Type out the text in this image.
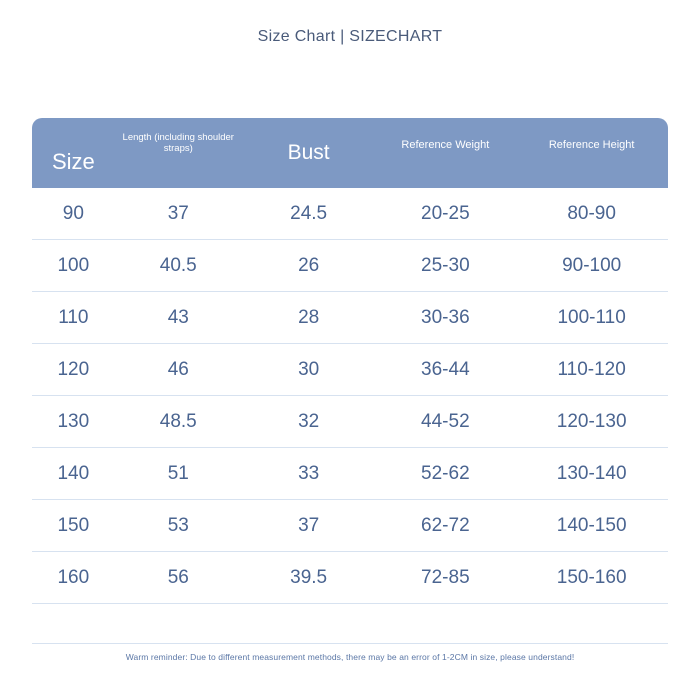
Size Chart | SIZECHART
Size	Length (including shoulder straps)	Bust	Reference Weight	Reference Height

90	37	24.5	20-25	80-90
100	40.5	26	25-30	90-100
110	43	28	30-36	100-110
120	46	30	36-44	110-120
130	48.5	32	44-52	120-130
140	51	33	52-62	130-140
150	53	37	62-72	140-150
160	56	39.5	72-85	150-160
Warm reminder: Due to different measurement methods, there may be an error of 1-2CM in size, please understand!
